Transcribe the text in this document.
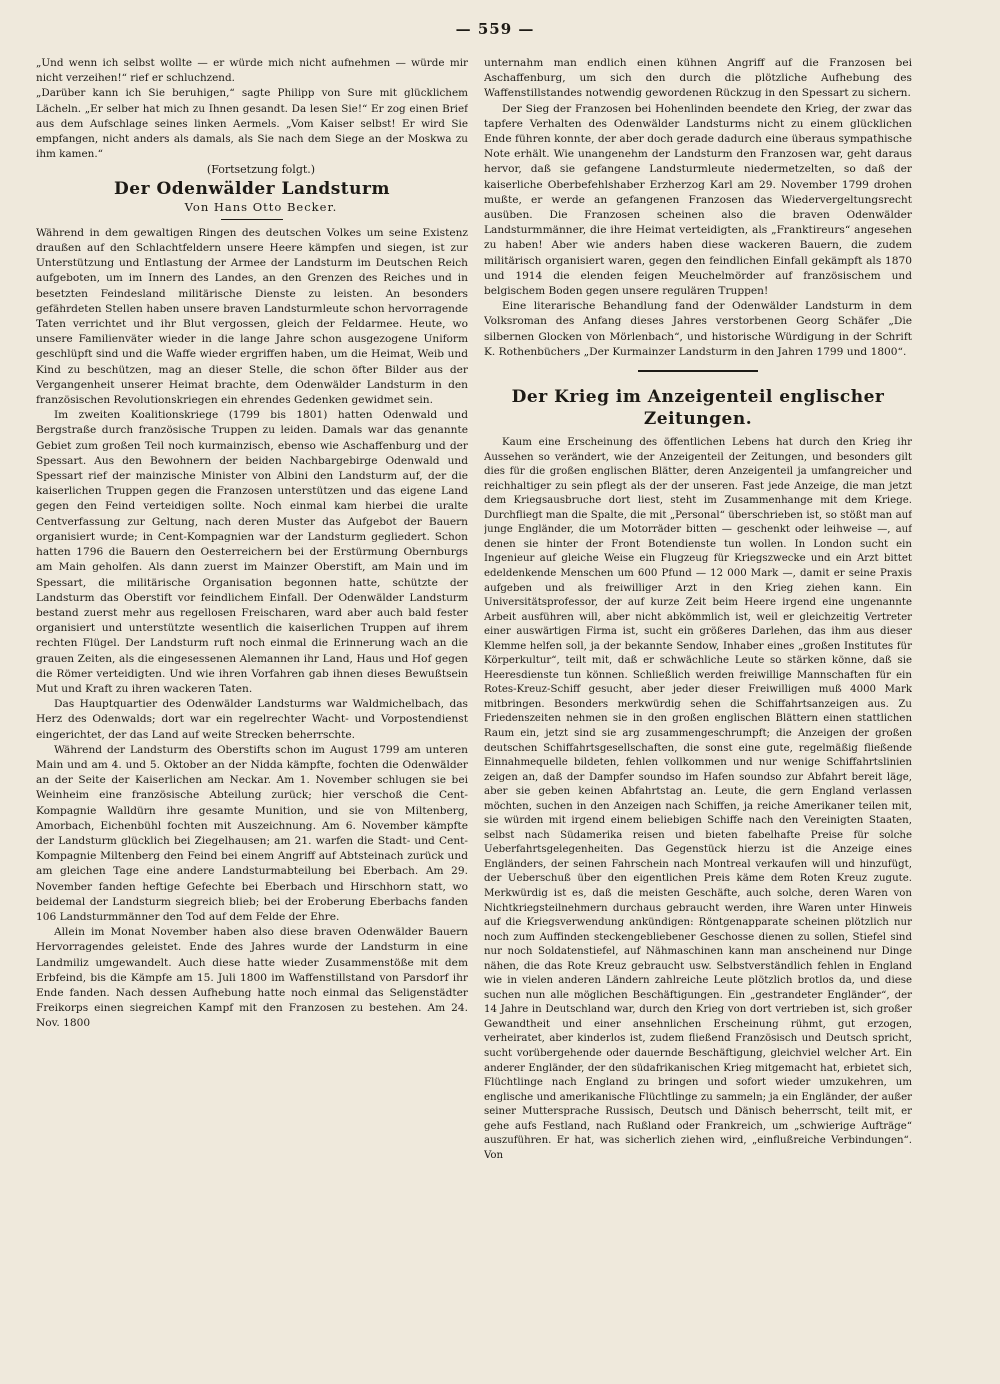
— 559 —

„Und wenn ich selbst wollte — er würde mich nicht aufnehmen — würde mir nicht verzeihen!“ rief er schluchzend.

„Darüber kann ich Sie beruhigen,“ sagte Philipp von Sure mit glücklichem Lächeln. „Er selber hat mich zu Ihnen gesandt. Da lesen Sie!“ Er zog einen Brief aus dem Aufschlage seines linken Aermels. „Vom Kaiser selbst! Er wird Sie empfangen, nicht anders als damals, als Sie nach dem Siege an der Moskwa zu ihm kamen.“

(Fortsetzung folgt.)

Der Odenwälder Landsturm

Von Hans Otto Becker.

Während in dem gewaltigen Ringen des deutschen Volkes um seine Existenz draußen auf den Schlachtfeldern unsere Heere kämpfen und siegen, ist zur Unterstützung und Entlastung der Armee der Landsturm im Deutschen Reich aufgeboten, um im Innern des Landes, an den Grenzen des Reiches und in besetzten Feindesland militärische Dienste zu leisten. An besonders gefährdeten Stellen haben unsere braven Landsturmleute schon hervorragende Taten verrichtet und ihr Blut vergossen, gleich der Feldarmee. Heute, wo unsere Familienväter wieder in die lange Jahre schon ausgezogene Uniform geschlüpft sind und die Waffe wieder ergriffen haben, um die Heimat, Weib und Kind zu beschützen, mag an dieser Stelle, die schon öfter Bilder aus der Vergangenheit unserer Heimat brachte, dem Odenwälder Landsturm in den französischen Revolutionskriegen ein ehrendes Gedenken gewidmet sein.

Im zweiten Koalitionskriege (1799 bis 1801) hatten Odenwald und Bergstraße durch französische Truppen zu leiden. Damals war das genannte Gebiet zum großen Teil noch kurmainzisch, ebenso wie Aschaffenburg und der Spessart. Aus den Bewohnern der beiden Nachbargebirge Odenwald und Spessart rief der mainzische Minister von Albini den Landsturm auf, der die kaiserlichen Truppen gegen die Franzosen unterstützen und das eigene Land gegen den Feind verteidigen sollte. Noch einmal kam hierbei die uralte Centverfassung zur Geltung, nach deren Muster das Aufgebot der Bauern organisiert wurde; in Cent-Kompagnien war der Landsturm gegliedert. Schon hatten 1796 die Bauern den Oesterreichern bei der Erstürmung Obernburgs am Main geholfen. Als dann zuerst im Mainzer Oberstift, am Main und im Spessart, die militärische Organisation begonnen hatte, schützte der Landsturm das Oberstift vor feindlichem Einfall. Der Odenwälder Landsturm bestand zuerst mehr aus regellosen Freischaren, ward aber auch bald fester organisiert und unterstützte wesentlich die kaiserlichen Truppen auf ihrem rechten Flügel. Der Landsturm ruft noch einmal die Erinnerung wach an die grauen Zeiten, als die eingesessenen Alemannen ihr Land, Haus und Hof gegen die Römer verteidigten. Und wie ihren Vorfahren gab ihnen dieses Bewußtsein Mut und Kraft zu ihren wackeren Taten.

Das Hauptquartier des Odenwälder Landsturms war Waldmichelbach, das Herz des Odenwalds; dort war ein regelrechter Wacht- und Vorpostendienst eingerichtet, der das Land auf weite Strecken beherrschte.

Während der Landsturm des Oberstifts schon im August 1799 am unteren Main und am 4. und 5. Oktober an der Nidda kämpfte, fochten die Odenwälder an der Seite der Kaiserlichen am Neckar. Am 1. November schlugen sie bei Weinheim eine französische Abteilung zurück; hier verschoß die Cent-Kompagnie Walldürn ihre gesamte Munition, und sie von Miltenberg, Amorbach, Eichenbühl fochten mit Auszeichnung. Am 6. November kämpfte der Landsturm glücklich bei Ziegelhausen; am 21. warfen die Stadt- und Cent-Kompagnie Miltenberg den Feind bei einem Angriff auf Abtsteinach zurück und am gleichen Tage eine andere Landsturmabteilung bei Eberbach. Am 29. November fanden heftige Gefechte bei Eberbach und Hirschhorn statt, wo beidemal der Landsturm siegreich blieb; bei der Eroberung Eberbachs fanden 106 Landsturmmänner den Tod auf dem Felde der Ehre.

Allein im Monat November haben also diese braven Odenwälder Bauern Hervorragendes geleistet. Ende des Jahres wurde der Landsturm in eine Landmiliz umgewandelt. Auch diese hatte wieder Zusammenstöße mit dem Erbfeind, bis die Kämpfe am 15. Juli 1800 im Waffenstillstand von Parsdorf ihr Ende fanden. Nach dessen Aufhebung hatte noch einmal das Seligenstädter Freikorps einen siegreichen Kampf mit den Franzosen zu bestehen. Am 24. Nov. 1800

unternahm man endlich einen kühnen Angriff auf die Franzosen bei Aschaffenburg, um sich den durch die plötzliche Aufhebung des Waffenstillstandes notwendig gewordenen Rückzug in den Spessart zu sichern.

Der Sieg der Franzosen bei Hohenlinden beendete den Krieg, der zwar das tapfere Verhalten des Odenwälder Landsturms nicht zu einem glücklichen Ende führen konnte, der aber doch gerade dadurch eine überaus sympathische Note erhält. Wie unangenehm der Landsturm den Franzosen war, geht daraus hervor, daß sie gefangene Landsturmleute niedermetzelten, so daß der kaiserliche Oberbefehlshaber Erzherzog Karl am 29. November 1799 drohen mußte, er werde an gefangenen Franzosen das Wiedervergeltungsrecht ausüben. Die Franzosen scheinen also die braven Odenwälder Landsturmmänner, die ihre Heimat verteidigten, als „Franktireurs“ angesehen zu haben! Aber wie anders haben diese wackeren Bauern, die zudem militärisch organisiert waren, gegen den feindlichen Einfall gekämpft als 1870 und 1914 die elenden feigen Meuchelmörder auf französischem und belgischem Boden gegen unsere regulären Truppen!

Eine literarische Behandlung fand der Odenwälder Landsturm in dem Volksroman des Anfang dieses Jahres verstorbenen Georg Schäfer „Die silbernen Glocken von Mörlenbach“, und historische Würdigung in der Schrift K. Rothenbüchers „Der Kurmainzer Landsturm in den Jahren 1799 und 1800“.

Der Krieg im Anzeigenteil englischer Zeitungen.

Kaum eine Erscheinung des öffentlichen Lebens hat durch den Krieg ihr Aussehen so verändert, wie der Anzeigenteil der Zeitungen, und besonders gilt dies für die großen englischen Blätter, deren Anzeigenteil ja umfangreicher und reichhaltiger zu sein pflegt als der der unseren. Fast jede Anzeige, die man jetzt dem Kriegsausbruche dort liest, steht im Zusammenhange mit dem Kriege. Durchfliegt man die Spalte, die mit „Personal“ überschrieben ist, so stößt man auf junge Engländer, die um Motorräder bitten — geschenkt oder leihweise —, auf denen sie hinter der Front Botendienste tun wollen. In London sucht ein Ingenieur auf gleiche Weise ein Flugzeug für Kriegszwecke und ein Arzt bittet edeldenkende Menschen um 600 Pfund — 12 000 Mark —, damit er seine Praxis aufgeben und als freiwilliger Arzt in den Krieg ziehen kann. Ein Universitätsprofessor, der auf kurze Zeit beim Heere irgend eine ungenannte Arbeit ausführen will, aber nicht abkömmlich ist, weil er gleichzeitig Vertreter einer auswärtigen Firma ist, sucht ein größeres Darlehen, das ihm aus dieser Klemme helfen soll, ja der bekannte Sendow, Inhaber eines „großen Institutes für Körperkultur“, teilt mit, daß er schwächliche Leute so stärken könne, daß sie Heeresdienste tun können. Schließlich werden freiwillige Mannschaften für ein Rotes-Kreuz-Schiff gesucht, aber jeder dieser Freiwilligen muß 4000 Mark mitbringen. Besonders merkwürdig sehen die Schiffahrtsanzeigen aus. Zu Friedenszeiten nehmen sie in den großen englischen Blättern einen stattlichen Raum ein, jetzt sind sie arg zusammengeschrumpft; die Anzeigen der großen deutschen Schiffahrtsgesellschaften, die sonst eine gute, regelmäßig fließende Einnahmequelle bildeten, fehlen vollkommen und nur wenige Schiffahrtslinien zeigen an, daß der Dampfer soundso im Hafen soundso zur Abfahrt bereit läge, aber sie geben keinen Abfahrtstag an. Leute, die gern England verlassen möchten, suchen in den Anzeigen nach Schiffen, ja reiche Amerikaner teilen mit, sie würden mit irgend einem beliebigen Schiffe nach den Vereinigten Staaten, selbst nach Südamerika reisen und bieten fabelhafte Preise für solche Ueberfahrtsgelegenheiten. Das Gegenstück hierzu ist die Anzeige eines Engländers, der seinen Fahrschein nach Montreal verkaufen will und hinzufügt, der Ueberschuß über den eigentlichen Preis käme dem Roten Kreuz zugute. Merkwürdig ist es, daß die meisten Geschäfte, auch solche, deren Waren von Nichtkriegsteilnehmern durchaus gebraucht werden, ihre Waren unter Hinweis auf die Kriegsverwendung ankündigen: Röntgenapparate scheinen plötzlich nur noch zum Auffinden steckengebliebener Geschosse dienen zu sollen, Stiefel sind nur noch Soldatenstiefel, auf Nähmaschinen kann man anscheinend nur Dinge nähen, die das Rote Kreuz gebraucht usw. Selbstverständlich fehlen in England wie in vielen anderen Ländern zahlreiche Leute plötzlich brotlos da, und diese suchen nun alle möglichen Beschäftigungen. Ein „gestrandeter Engländer“, der 14 Jahre in Deutschland war, durch den Krieg von dort vertrieben ist, sich großer Gewandtheit und einer ansehnlichen Erscheinung rühmt, gut erzogen, verheiratet, aber kinderlos ist, zudem fließend Französisch und Deutsch spricht, sucht vorübergehende oder dauernde Beschäftigung, gleichviel welcher Art. Ein anderer Engländer, der den südafrikanischen Krieg mitgemacht hat, erbietet sich, Flüchtlinge nach England zu bringen und sofort wieder umzukehren, um englische und amerikanische Flüchtlinge zu sammeln; ja ein Engländer, der außer seiner Muttersprache Russisch, Deutsch und Dänisch beherrscht, teilt mit, er gehe aufs Festland, nach Rußland oder Frankreich, um „schwierige Aufträge“ auszuführen. Er hat, was sicherlich ziehen wird, „einflußreiche Verbindungen“. Von
